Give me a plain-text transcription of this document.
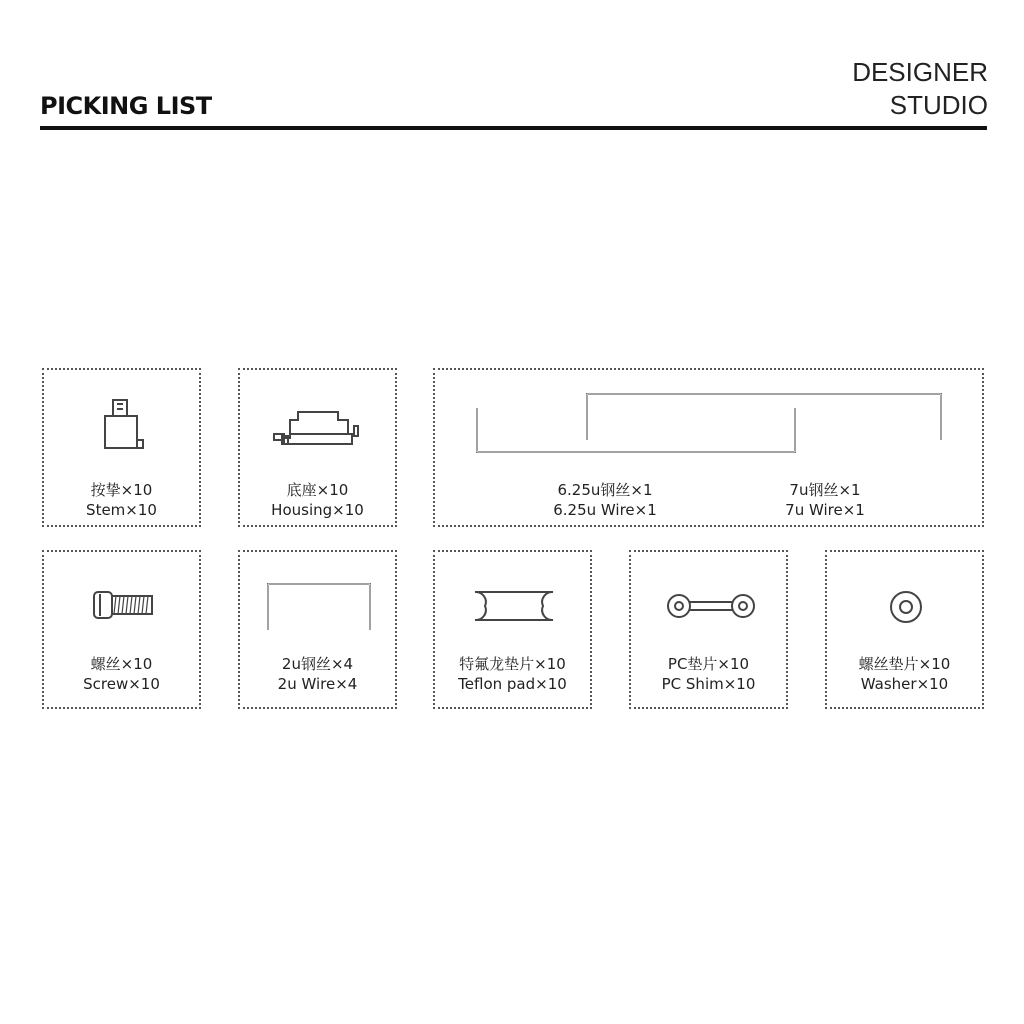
PICKING LIST
DESIGNER
STUDIO
按挚×10
Stem×10
底座×10
Housing×10
6.25u钢丝×1
6.25u Wire×1
7u钢丝×1
7u Wire×1
螺丝×10
Screw×10
2u钢丝×4
2u Wire×4
特氟龙垫片×10
Teflon pad×10
PC垫片×10
PC Shim×10
螺丝垫片×10
Washer×10
